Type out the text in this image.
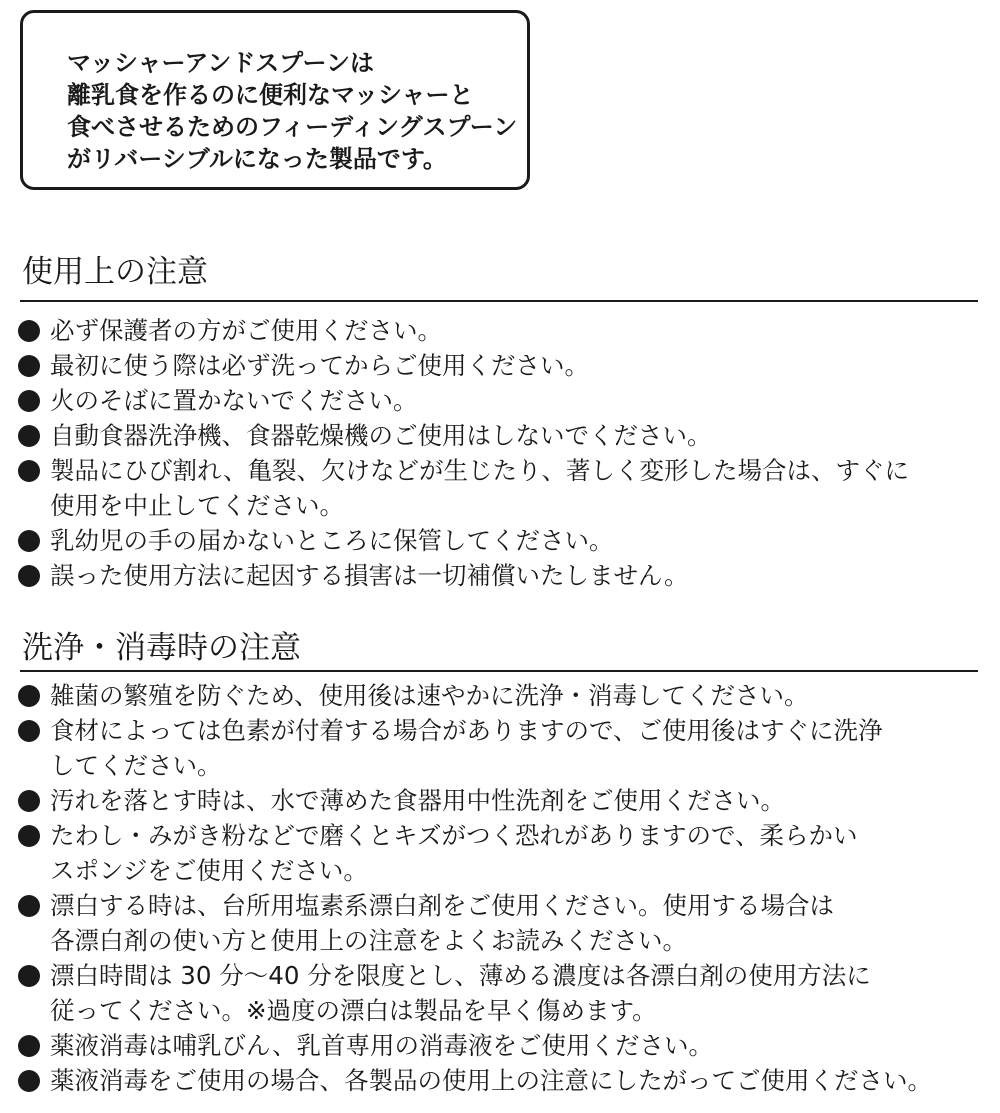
マッシャーアンドスプーンは
離乳食を作るのに便利なマッシャーと
食べさせるためのフィーディングスプーン
がリバーシブルになった製品です。
使用上の注意
必ず保護者の方がご使用ください。
最初に使う際は必ず洗ってからご使用ください。
火のそばに置かないでください。
自動食器洗浄機、食器乾燥機のご使用はしないでください。
製品にひび割れ、亀裂、欠けなどが生じたり、著しく変形した場合は、すぐに
使用を中止してください。
乳幼児の手の届かないところに保管してください。
誤った使用方法に起因する損害は一切補償いたしません。
洗浄・消毒時の注意
雑菌の繁殖を防ぐため、使用後は速やかに洗浄・消毒してください。
食材によっては色素が付着する場合がありますので、ご使用後はすぐに洗浄
してください。
汚れを落とす時は、水で薄めた食器用中性洗剤をご使用ください。
たわし・みがき粉などで磨くとキズがつく恐れがありますので、柔らかい
スポンジをご使用ください。
漂白する時は、台所用塩素系漂白剤をご使用ください。使用する場合は
各漂白剤の使い方と使用上の注意をよくお読みください。
漂白時間は 30 分〜40 分を限度とし、薄める濃度は各漂白剤の使用方法に
従ってください。※過度の漂白は製品を早く傷めます。
薬液消毒は哺乳びん、乳首専用の消毒液をご使用ください。
薬液消毒をご使用の場合、各製品の使用上の注意にしたがってご使用ください。
